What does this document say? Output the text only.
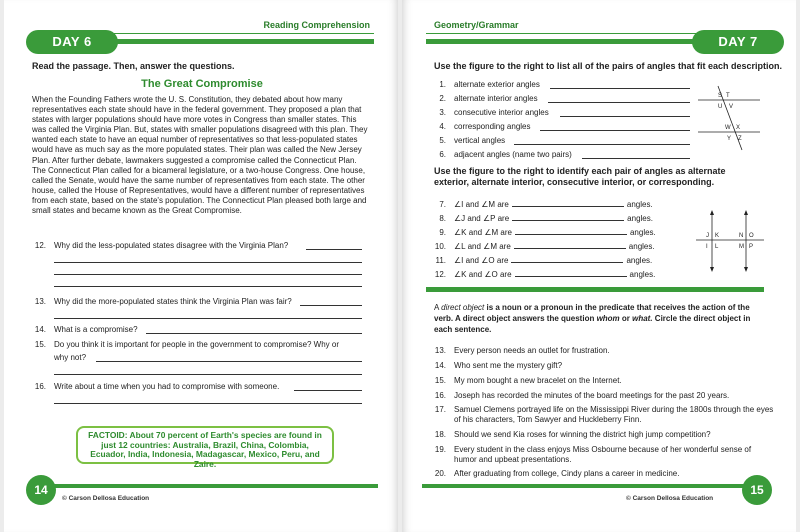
DAY 6
Reading Comprehension
Read the passage. Then, answer the questions.
The Great Compromise
When the Founding Fathers wrote the U. S. Constitution, they debated about how many representatives each state should have in the federal government. They proposed a plan that states with larger populations should have more votes in Congress than smaller states. This was called the Virginia Plan. But, states with smaller populations disagreed with this plan. They wanted each state to have an equal number of representatives so that less-populated states would have as much say as the more populated states. Their plan was called the New Jersey Plan. After further debate, lawmakers suggested a compromise called the Connecticut Plan. The Connecticut Plan called for a bicameral legislature, or a two-house Congress. One house, called the Senate, would have the same number of representatives from each state. The other house, called the House of Representatives, would have a different number of representatives from each state, based on the state's population. The Connecticut Plan pleased both large and small states and became known as the Great Compromise.
12. Why did the less-populated states disagree with the Virginia Plan?
13. Why did the more-populated states think the Virginia Plan was fair?
14. What is a compromise?
15. Do you think it is important for people in the government to compromise? Why or
why not?
16. Write about a time when you had to compromise with someone.
FACTOID: About 70 percent of Earth's species are found in just 12 countries: Australia, Brazil, China, Colombia, Ecuador, India, Indonesia, Madagascar, Mexico, Peru, and Zaire.
14
© Carson Dellosa Education
DAY 7
Geometry/Grammar
Use the figure to the right to list all of the pairs of angles that fit each description.
1. alternate exterior angles
2. alternate interior angles
3. consecutive interior angles
4. corresponding angles
5. vertical angles
6. adjacent angles (name two pairs)
S T
U V
W X
Y Z
Use the figure to the right to identify each pair of angles as alternate exterior, alternate interior, consecutive interior, or corresponding.
7. ∠I and ∠M are	angles.
8. ∠J and ∠P are	angles.
9. ∠K and ∠M are	angles.
10. ∠L and ∠M are	angles.
11. ∠I and ∠O are	angles.
12. ∠K and ∠O are	angles.
J K
I L
N O
M P
A direct object is a noun or a pronoun in the predicate that receives the action of the verb. A direct object answers the question whom or what. Circle the direct object in each sentence.
13. Every person needs an outlet for frustration.
14. Who sent me the mystery gift?
15. My mom bought a new bracelet on the Internet.
16. Joseph has recorded the minutes of the board meetings for the past 20 years.
17. Samuel Clemens portrayed life on the Mississippi River during the 1800s through the eyes of his characters, Tom Sawyer and Huckleberry Finn.
18. Should we send Kia roses for winning the district high jump competition?
19. Every student in the class enjoys Miss Osbourne because of her wonderful sense of humor and upbeat presentations.
20. After graduating from college, Cindy plans a career in medicine.
15
© Carson Dellosa Education
